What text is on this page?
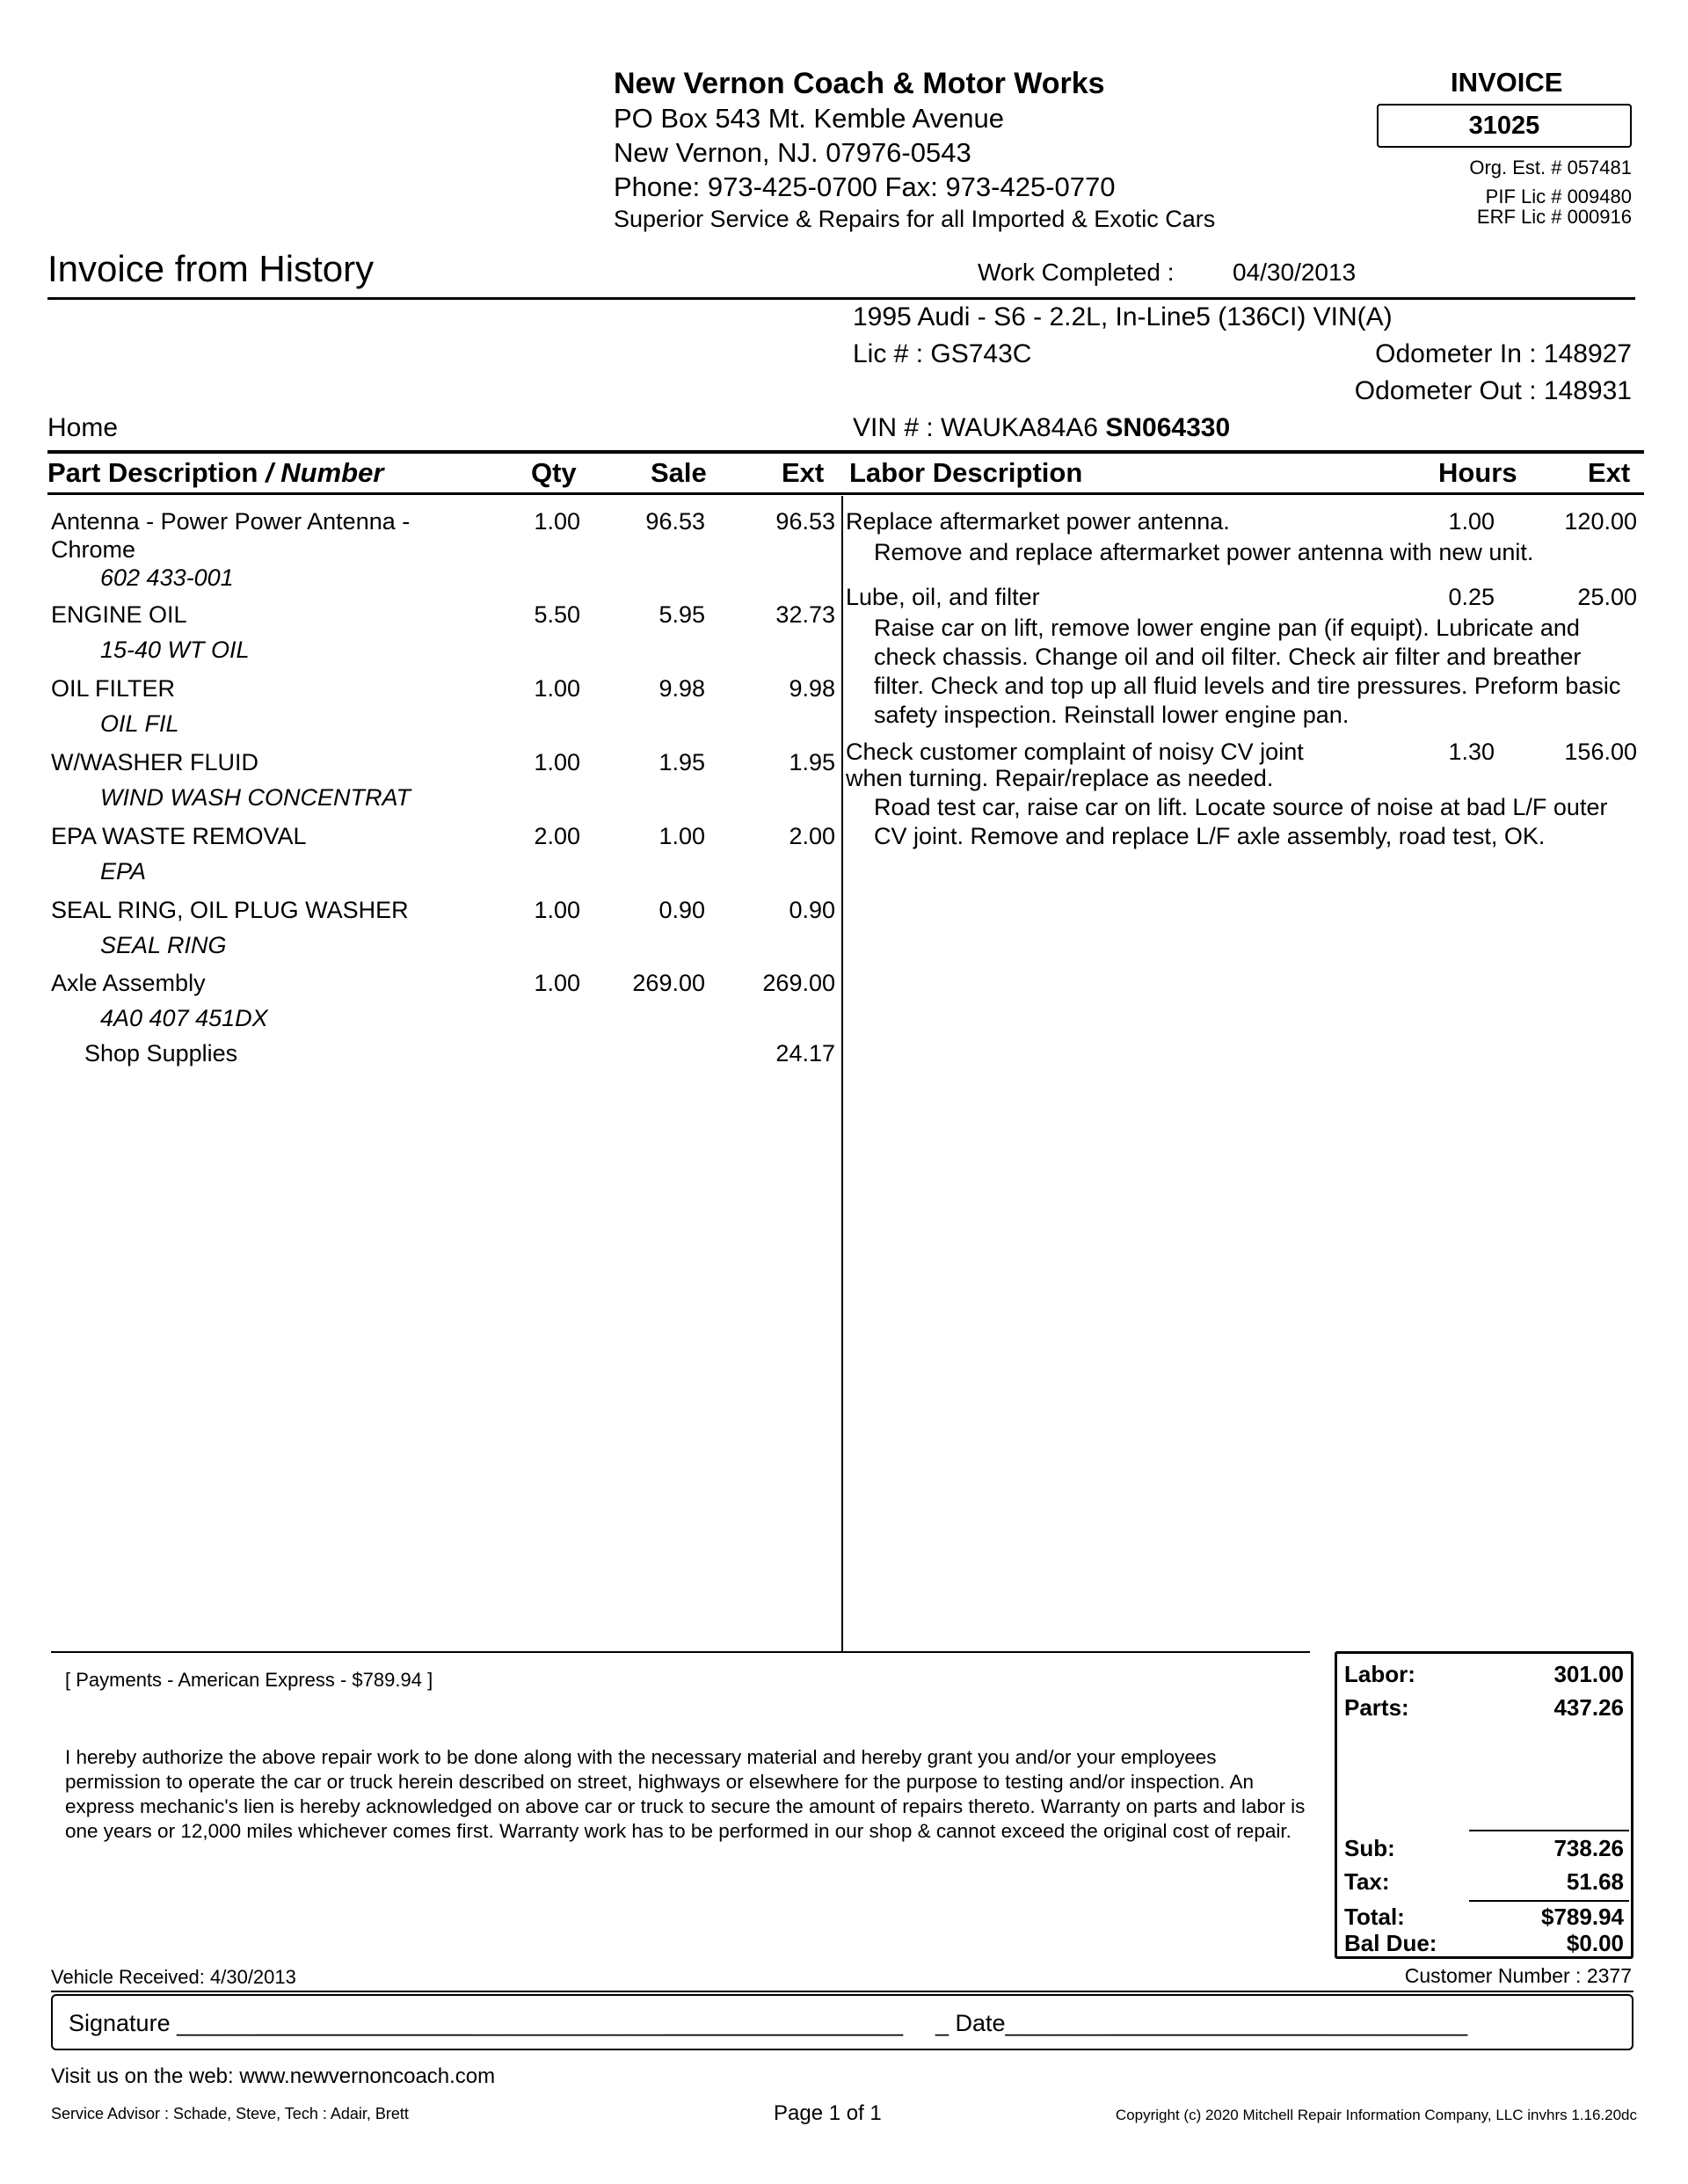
New Vernon Coach & Motor Works
PO Box 543 Mt. Kemble Avenue
New Vernon, NJ. 07976-0543
Phone: 973-425-0700 Fax: 973-425-0770
Superior Service & Repairs for all Imported & Exotic Cars
INVOICE
31025
Org. Est. # 057481
PIF Lic # 009480
ERF Lic # 000916
Invoice from History	Work Completed : 04/30/2013
1995 Audi - S6 - 2.2L, In-Line5 (136CI) VIN(A)
Lic # : GS743C	Odometer In : 148927
Odometer Out : 148931
Home	VIN # : WAUKA84A6 SN064330
Part Description / Number	Qty	Sale	Ext Labor Description	Hours	Ext
Antenna - Power Power Antenna -
Chrome
602 433-001
1.00	96.53	96.53
ENGINE OIL
15-40 WT OIL
5.50	5.95	32.73
OIL FILTER
OIL FIL
1.00	9.98	9.98
W/WASHER FLUID
WIND WASH CONCENTRAT
1.00	1.95	1.95
EPA WASTE REMOVAL
EPA
2.00	1.00	2.00
SEAL RING, OIL PLUG WASHER
SEAL RING
1.00	0.90	0.90
Axle Assembly
4A0 407 451DX
1.00 269.00 269.00
Shop Supplies	24.17
Replace aftermarket power antenna.	1.00	120.00
Remove and replace aftermarket power antenna with new unit.
Lube, oil, and filter	0.25	25.00
Raise car on lift, remove lower engine pan (if equipt). Lubricate and check chassis. Change oil and oil filter. Check air filter and breather filter. Check and top up all fluid levels and tire pressures. Preform basic safety inspection. Reinstall lower engine pan.
Check customer complaint of noisy CV joint
when turning. Repair/replace as needed.
1.30	156.00
Road test car, raise car on lift. Locate source of noise at bad L/F outer CV joint. Remove and replace L/F axle assembly, road test, OK.
[ Payments - American Express - $789.94 ]
I hereby authorize the above repair work to be done along with the necessary material and hereby grant you and/or your employees permission to operate the car or truck herein described on street, highways or elsewhere for the purpose to testing and/or inspection. An express mechanic's lien is hereby acknowledged on above car or truck to secure the amount of repairs thereto. Warranty on parts and labor is one years or 12,000 miles whichever comes first. Warranty work has to be performed in our shop & cannot exceed the original cost of repair.
Labor:	301.00
Parts:	437.26
Sub:	738.26
Tax:	51.68
Total:	$789.94
Bal Due:	$0.00
Vehicle Received: 4/30/2013	Customer Number : 2377
Signature _______________________________________________________ _ Date___________________________________
Visit us on the web: www.newvernoncoach.com
Service Advisor : Schade, Steve, Tech : Adair, Brett	Page 1 of 1	Copyright (c) 2020 Mitchell Repair Information Company, LLC invhrs 1.16.20dc
